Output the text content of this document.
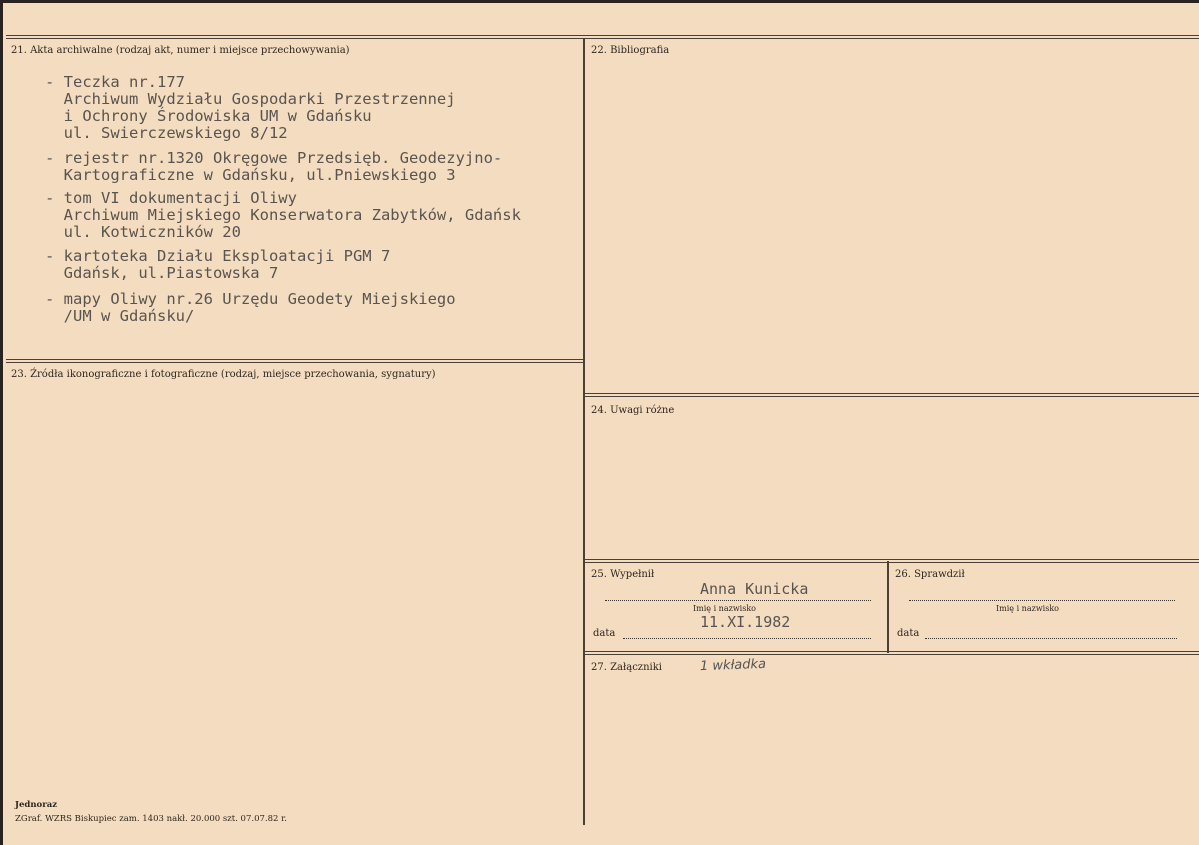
21. Akta archiwalne (rodzaj akt, numer i miejsce przechowywania)
- Teczka nr.177
Archiwum Wydziału Gospodarki Przestrzennej
i Ochrony Środowiska UM w Gdańsku
ul. Swierczewskiego 8/12
- rejestr nr.1320 Okręgowe Przedsięb. Geodezyjno-
Kartograficzne w Gdańsku, ul.Pniewskiego 3
- tom VI dokumentacji Oliwy
Archiwum Miejskiego Konserwatora Zabytków, Gdańsk
ul. Kotwiczników 20
- kartoteka Działu Eksploatacji PGM 7
Gdańsk, ul.Piastowska 7
- mapy Oliwy nr.26 Urzędu Geodety Miejskiego
/UM w Gdańsku/
22. Bibliografia
23. Źródła ikonograficzne i fotograficzne (rodzaj, miejsce przechowania, sygnatury)
24. Uwagi różne
25. Wypełnił
Anna Kunicka
Imię i nazwisko
11.XI.1982
data
26. Sprawdził
Imię i nazwisko
data
27. Załączniki	1 wkładka
Jednoraz
ZGraf. WZRS Biskupiec zam. 1403 nakł. 20.000 szt. 07.07.82 r.
